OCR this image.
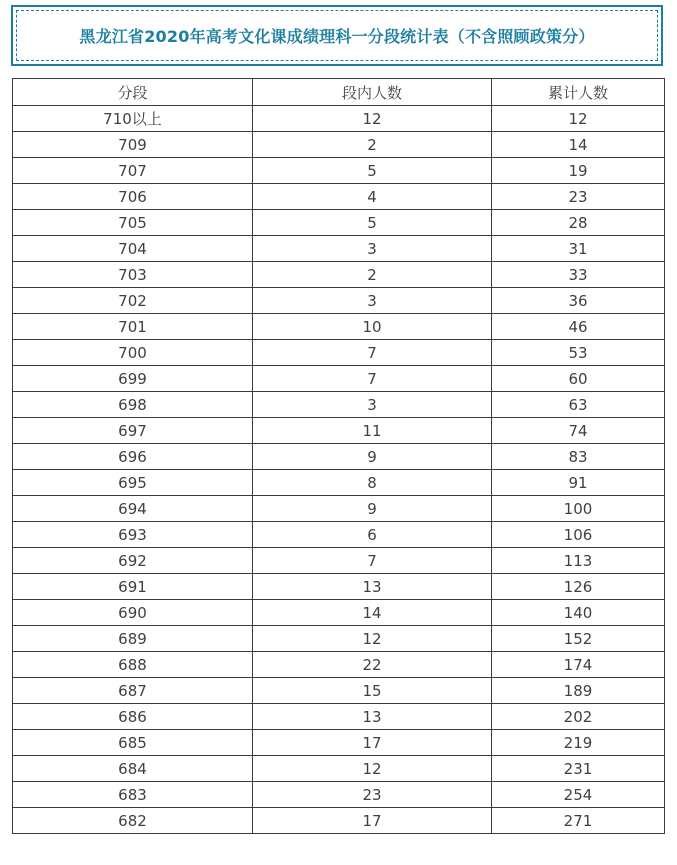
黑龙江省2020年高考文化课成绩理科一分段统计表（不含照顾政策分）
分段	段内人数	累计人数
710以上	12	12
709	2	14
707	5	19
706	4	23
705	5	28
704	3	31
703	2	33
702	3	36
701	10	46
700	7	53
699	7	60
698	3	63
697	11	74
696	9	83
695	8	91
694	9	100
693	6	106
692	7	113
691	13	126
690	14	140
689	12	152
688	22	174
687	15	189
686	13	202
685	17	219
684	12	231
683	23	254
682	17	271
